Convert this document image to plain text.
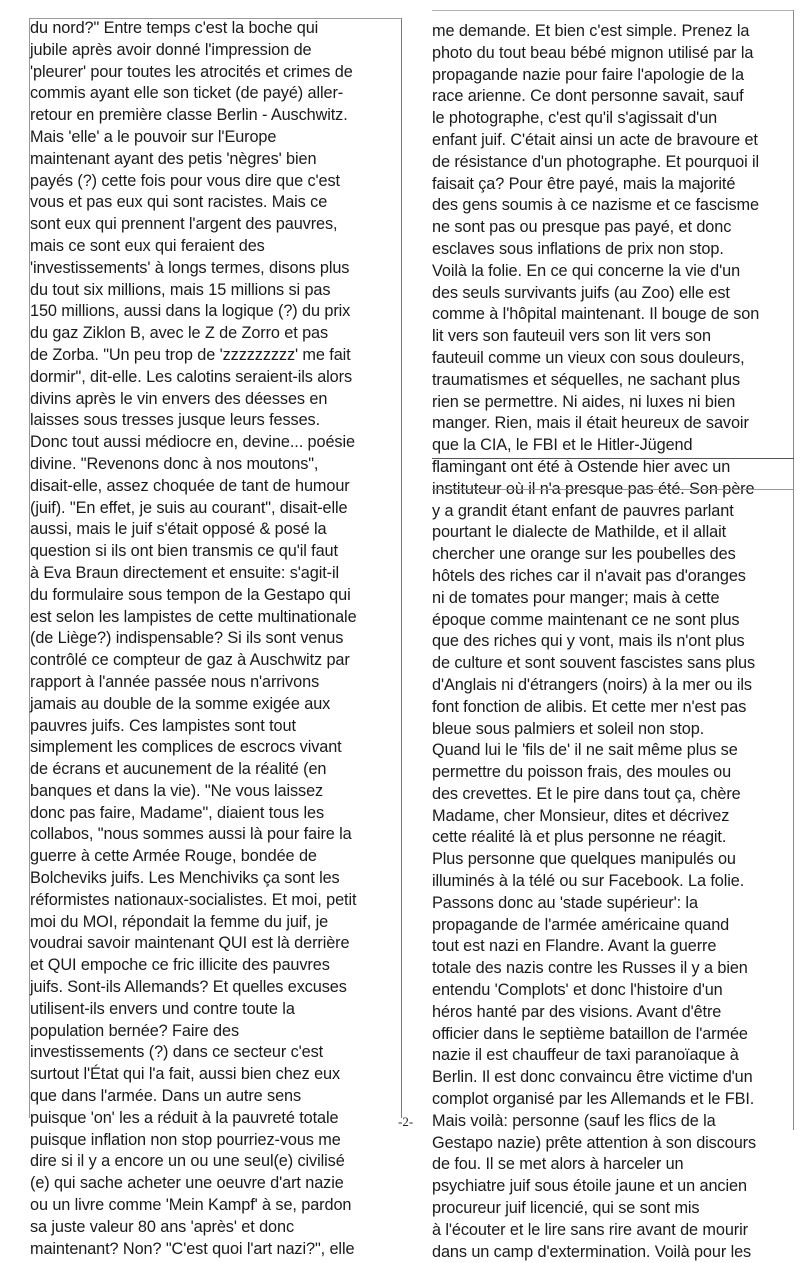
du nord?" Entre temps c'est la boche qui
jubile après avoir donné l'impression de
'pleurer' pour toutes les atrocités et crimes de
commis ayant elle son ticket (de payé) aller-
retour en première classe Berlin - Auschwitz.
Mais 'elle' a le pouvoir sur l'Europe
maintenant ayant des petis 'nègres' bien
payés (?) cette fois pour vous dire que c'est
vous et pas eux qui sont racistes. Mais ce
sont eux qui prennent l'argent des pauvres,
mais ce sont eux qui feraient des
'investissements' à longs termes, disons plus
du tout six millions, mais 15 millions si pas
150 millions, aussi dans la logique (?) du prix
du gaz Ziklon B, avec le Z de Zorro et pas
de Zorba. "Un peu trop de 'zzzzzzzzz' me fait
dormir", dit-elle. Les calotins seraient-ils alors
divins après le vin envers des déesses en
laisses sous tresses jusque leurs fesses.
Donc tout aussi médiocre en, devine... poésie
divine. "Revenons donc à nos moutons",
disait-elle, assez choquée de tant de humour
(juif). "En effet, je suis au courant", disait-elle
aussi, mais le juif s'était opposé & posé la
question si ils ont bien transmis ce qu'il faut
à Eva Braun directement et ensuite: s'agit-il
du formulaire sous tempon de la Gestapo qui
est selon les lampistes de cette multinationale
(de Liège?) indispensable? Si ils sont venus
contrôlé ce compteur de gaz à Auschwitz par
rapport à l'année passée nous n'arrivons
jamais au double de la somme exigée aux
pauvres juifs. Ces lampistes sont tout
simplement les complices de escrocs vivant
de écrans et aucunement de la réalité (en
banques et dans la vie). "Ne vous laissez
donc pas faire, Madame", diaient tous les
collabos, "nous sommes aussi là pour faire la
guerre à cette Armée Rouge, bondée de
Bolcheviks juifs. Les Menchiviks ça sont les
réformistes nationaux-socialistes. Et moi, petit
moi du MOI, répondait la femme du juif, je
voudrai savoir maintenant QUI est là derrière
et QUI empoche ce fric illicite des pauvres
juifs. Sont-ils Allemands? Et quelles excuses
utilisent-ils envers und contre toute la
population bernée? Faire des
investissements (?) dans ce secteur c'est
surtout l'État qui l'a fait, aussi bien chez eux
que dans l'armée. Dans un autre sens
puisque 'on' les a réduit à la pauvreté totale
puisque inflation non stop pourriez-vous me
dire si il y a encore un ou une seul(e) civilisé
(e) qui sache acheter une oeuvre d'art nazie
ou un livre comme 'Mein Kampf' à se, pardon
sa juste valeur 80 ans 'après' et donc
maintenant? Non? "C'est quoi l'art nazi?", elle
me demande. Et bien c'est simple. Prenez la
photo du tout beau bébé mignon utilisé par la
propagande nazie pour faire l'apologie de la
race arienne. Ce dont personne savait, sauf
le photographe, c'est qu'il s'agissait d'un
enfant juif. C'était ainsi un acte de bravoure et
de résistance d'un photographe. Et pourquoi il
faisait ça? Pour être payé, mais la majorité
des gens soumis à ce nazisme et ce fascisme
ne sont pas ou presque pas payé, et donc
esclaves sous inflations de prix non stop.
Voilà la folie. En ce qui concerne la vie d'un
des seuls survivants juifs (au Zoo) elle est
comme à l'hôpital maintenant. Il bouge de son
lit vers son fauteuil vers son lit vers son
fauteuil comme un vieux con sous douleurs,
traumatismes et séquelles, ne sachant plus
rien se permettre. Ni aides, ni luxes ni bien
manger. Rien, mais il était heureux de savoir
que la CIA, le FBI et le Hitler-Jügend
flamingant ont été à Ostende hier avec un
instituteur où il n'a presque pas été. Son père
y a grandit étant enfant de pauvres parlant
pourtant le dialecte de Mathilde, et il allait
chercher une orange sur les poubelles des
hôtels des riches car il n'avait pas d'oranges
ni de tomates pour manger; mais à cette
époque comme maintenant ce ne sont plus
que des riches qui y vont, mais ils n'ont plus
de culture et sont souvent fascistes sans plus
d'Anglais ni d'étrangers (noirs) à la mer ou ils
font fonction de alibis. Et cette mer n'est pas
bleue sous palmiers et soleil non stop.
Quand lui le 'fils de' il ne sait même plus se
permettre du poisson frais, des moules ou
des crevettes. Et le pire dans tout ça, chère
Madame, cher Monsieur, dites et décrivez
cette réalité là et plus personne ne réagit.
Plus personne que quelques manipulés ou
illuminés à la télé ou sur Facebook. La folie.
Passons donc au 'stade supérieur': la
propagande de l'armée américaine quand
tout est nazi en Flandre. Avant la guerre
totale des nazis contre les Russes il y a bien
entendu 'Complots' et donc l'histoire d'un
héros hanté par des visions. Avant d'être
officier dans le septième bataillon de l'armée
nazie il est chauffeur de taxi paranoïaque à
Berlin. Il est donc convaincu être victime d'un
complot organisé par les Allemands et le FBI.
Mais voilà: personne (sauf les flics de la
Gestapo nazie) prête attention à son discours
de fou. Il se met alors à harceler un
psychiatre juif sous étoile jaune et un ancien
procureur juif licencié, qui se sont mis
à l'écouter et le lire sans rire avant de mourir
dans un camp d'extermination. Voilà pour les
-2-
